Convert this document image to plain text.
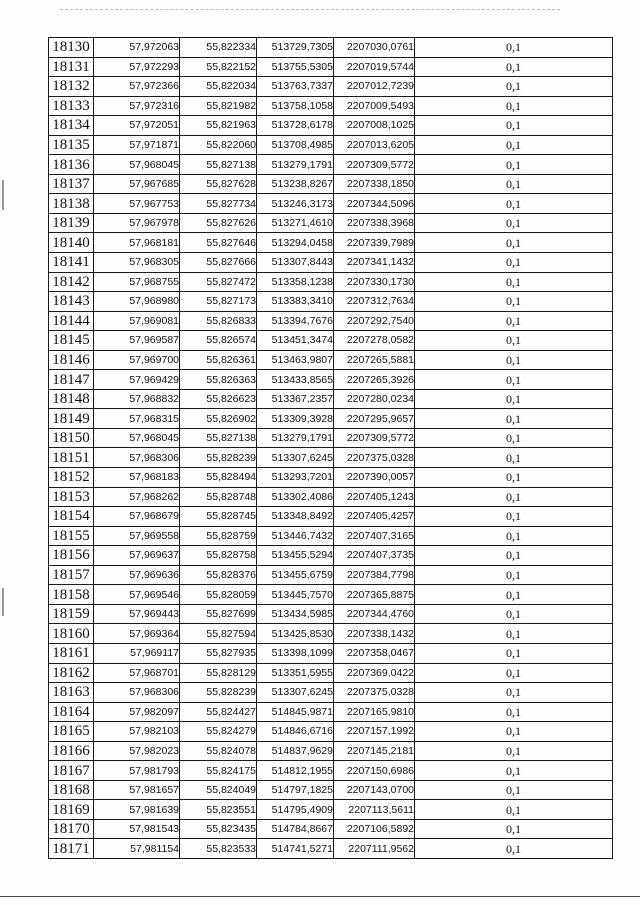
18130	57,972063	55,822334	513729,7305	2207030,0761	0,1
18131	57,972293	55,822152	513755,5305	2207019,5744	0,1
18132	57,972366	55,822034	513763,7337	2207012,7239	0,1
18133	57,972316	55,821982	513758,1058	2207009,5493	0,1
18134	57,972051	55,821963	513728,6178	2207008,1025	0,1
18135	57,971871	55,822060	513708,4985	2207013,6205	0,1
18136	57,968045	55,827138	513279,1791	2207309,5772	0,1
18137	57,967685	55,827628	513238,8267	2207338,1850	0,1
18138	57,967753	55,827734	513246,3173	2207344,5096	0,1
18139	57,967978	55,827626	513271,4610	2207338,3968	0,1
18140	57,968181	55,827646	513294,0458	2207339,7989	0,1
18141	57,968305	55,827666	513307,8443	2207341,1432	0,1
18142	57,968755	55,827472	513358,1238	2207330,1730	0,1
18143	57,968980	55,827173	513383,3410	2207312,7634	0,1
18144	57,969081	55,826833	513394,7676	2207292,7540	0,1
18145	57,969587	55,826574	513451,3474	2207278,0582	0,1
18146	57,969700	55,826361	513463,9807	2207265,5881	0,1
18147	57,969429	55,826363	513433,8565	2207265,3926	0,1
18148	57,968832	55,826623	513367,2357	2207280,0234	0,1
18149	57,968315	55,826902	513309,3928	2207295,9657	0,1
18150	57,968045	55,827138	513279,1791	2207309,5772	0,1
18151	57,968306	55,828239	513307,6245	2207375,0328	0,1
18152	57,968183	55,828494	513293,7201	2207390,0057	0,1
18153	57,968262	55,828748	513302,4086	2207405,1243	0,1
18154	57,968679	55,828745	513348,8492	2207405,4257	0,1
18155	57,969558	55,828759	513446,7432	2207407,3165	0,1
18156	57,969637	55,828758	513455,5294	2207407,3735	0,1
18157	57,969636	55,828376	513455,6759	2207384,7798	0,1
18158	57,969546	55,828059	513445,7570	2207365,8875	0,1
18159	57,969443	55,827699	513434,5985	2207344,4760	0,1
18160	57,969364	55,827594	513425,8530	2207338,1432	0,1
18161	57,969117	55,827935	513398,1099	2207358,0467	0,1
18162	57,968701	55,828129	513351,5955	2207369,0422	0,1
18163	57,968306	55,828239	513307,6245	2207375,0328	0,1
18164	57,982097	55,824427	514845,9871	2207165,9810	0,1
18165	57,982103	55,824279	514846,6716	2207157,1992	0,1
18166	57,982023	55,824078	514837,9629	2207145,2181	0,1
18167	57,981793	55,824175	514812,1955	2207150,6986	0,1
18168	57,981657	55,824049	514797,1825	2207143,0700	0,1
18169	57,981639	55,823551	514795,4909	2207113,5611	0,1
18170	57,981543	55,823435	514784,8667	2207106,5892	0,1
18171	57,981154	55,823533	514741,5271	2207111,9562	0,1
